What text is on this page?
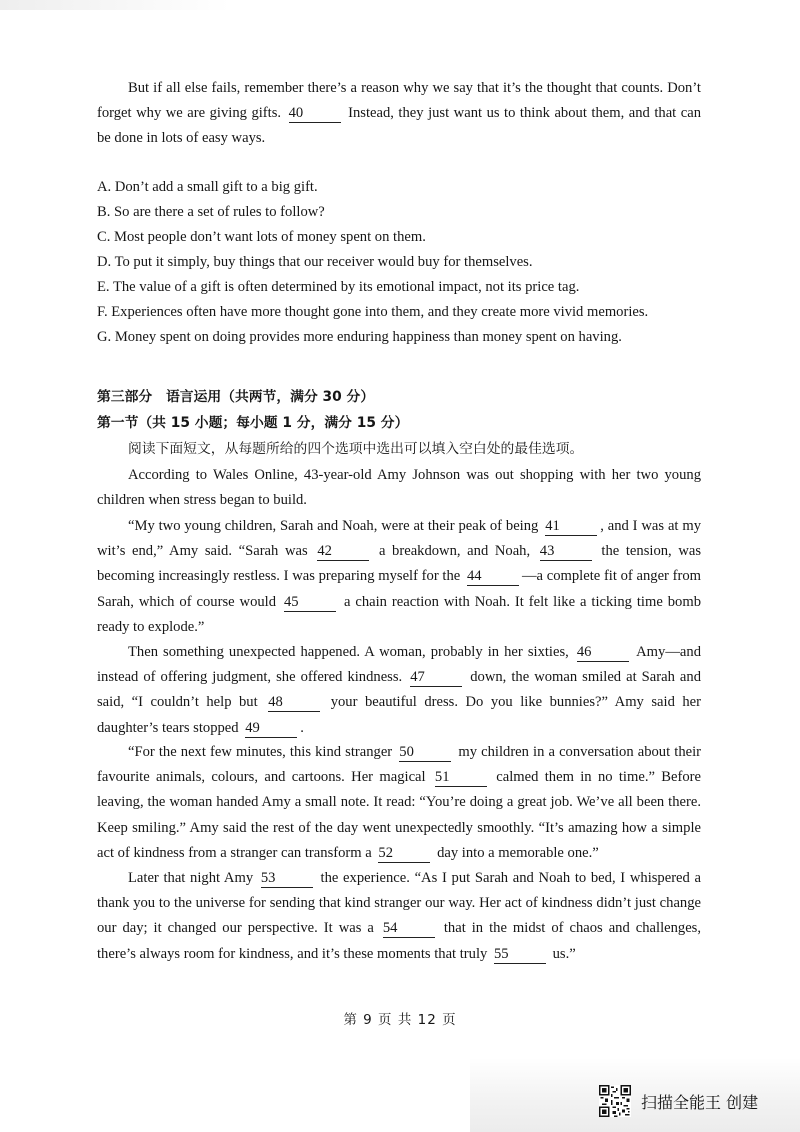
But if all else fails, remember there’s a reason why we say that it’s the thought that counts. Don’t forget why we are giving gifts. 40	Instead, they just want us to think about them, and that can be done in lots of easy ways.

A. Don’t add a small gift to a big gift.

B. So are there a set of rules to follow?

C. Most people don’t want lots of money spent on them.

D. To put it simply, buy things that our receiver would buy for themselves.

E. The value of a gift is often determined by its emotional impact, not its price tag.

F. Experiences often have more thought gone into them, and they create more vivid memories.

G. Money spent on doing provides more enduring happiness than money spent on having.

第三部分　语言运用（共两节，满分 30 分）

第一节（共 15 小题；每小题 1 分，满分 15 分）

阅读下面短文，从每题所给的四个选项中选出可以填入空白处的最佳选项。

According to Wales Online, 43-year-old Amy Johnson was out shopping with her two young children when stress began to build.

“My two young children, Sarah and Noah, were at their peak of being 41	, and I was at my wit’s end,” Amy said. “Sarah was 42	a breakdown, and Noah, 43	the tension, was becoming increasingly restless. I was preparing myself for the 44	—a complete fit of anger from Sarah, which of course would 45	a chain reaction with Noah. It felt like a ticking time bomb ready to explode.”

Then something unexpected happened. A woman, probably in her sixties, 46	Amy—and instead of offering judgment, she offered kindness. 47	down, the woman smiled at Sarah and said, “I couldn’t help but 48	your beautiful dress. Do you like bunnies?” Amy said her daughter’s tears stopped 49	.

“For the next few minutes, this kind stranger 50	my children in a conversation about their favourite animals, colours, and cartoons. Her magical 51	calmed them in no time.” Before leaving, the woman handed Amy a small note. It read: “You’re doing a great job. We’ve all been there. Keep smiling.” Amy said the rest of the day went unexpectedly smoothly. “It’s amazing how a simple act of kindness from a stranger can transform a 52	day into a memorable one.”

Later that night Amy 53	the experience. “As I put Sarah and Noah to bed, I whispered a thank you to the universe for sending that kind stranger our way. Her act of kindness didn’t just change our day; it changed our perspective. It was a 54	that in the midst of chaos and challenges, there’s always room for kindness, and it’s these moments that truly 55	us.”

第 9 页 共 12 页
扫描全能王 创建
